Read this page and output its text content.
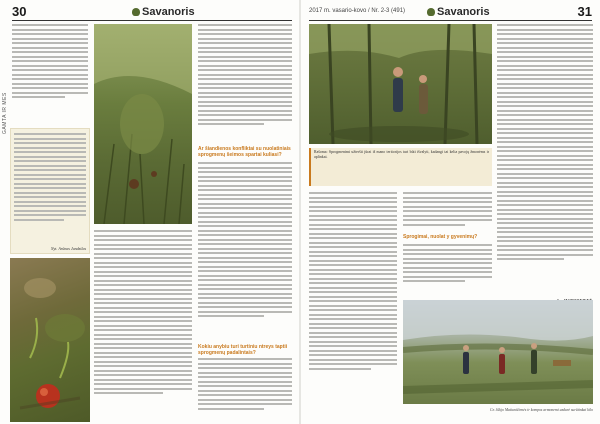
30	Savanoris
GAMTA IR MES
Nyt. Arūnas Jundzilas
Ar šiandienos konfliktai su nuolatiniais sprogmenų šeimos spartai kuliasi?
Kokiu anybiu turi turtiniu ntreys taptii sprogmenų padalintais?
2017 m. vasario-kovo / Nr. 2-3 (491)	Savanoris	31
Rašoma: Sprogmenimi užteršti jūrai iš mano teritorijos turi būti išvalyti, kadangi tai kelia pavojų žmonėms ir aplinkai.
Sprogimai, nuolat y gyvenimų?
Gr. Jūkjo Matiuničienės ir kompos armonemi uzdurė surūtinkai kilo
